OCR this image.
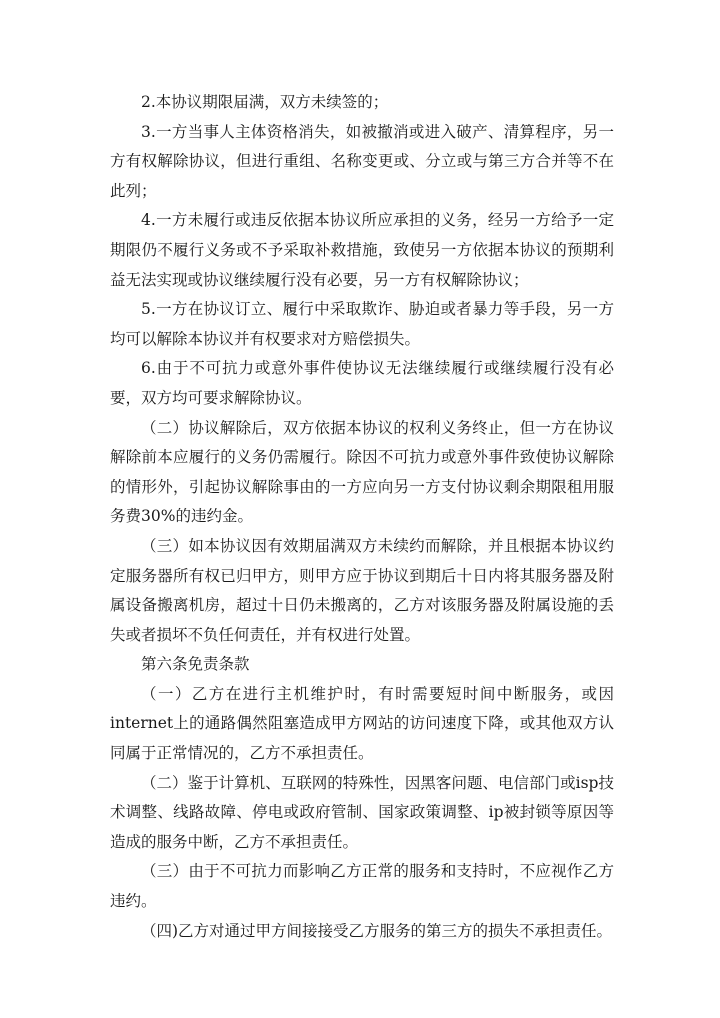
2.本协议期限届满，双方未续签的；

3.一方当事人主体资格消失，如被撤消或进入破产、清算程序，另一方有权解除协议，但进行重组、名称变更或、分立或与第三方合并等不在此列；

4.一方未履行或违反依据本协议所应承担的义务，经另一方给予一定期限仍不履行义务或不予采取补救措施，致使另一方依据本协议的预期利益无法实现或协议继续履行没有必要，另一方有权解除协议；

5.一方在协议订立、履行中采取欺诈、胁迫或者暴力等手段，另一方均可以解除本协议并有权要求对方赔偿损失。

6.由于不可抗力或意外事件使协议无法继续履行或继续履行没有必要，双方均可要求解除协议。

（二）协议解除后，双方依据本协议的权利义务终止，但一方在协议解除前本应履行的义务仍需履行。除因不可抗力或意外事件致使协议解除的情形外，引起协议解除事由的一方应向另一方支付协议剩余期限租用服务费30%的违约金。

（三）如本协议因有效期届满双方未续约而解除，并且根据本协议约定服务器所有权已归甲方，则甲方应于协议到期后十日内将其服务器及附属设备搬离机房，超过十日仍未搬离的，乙方对该服务器及附属设施的丢失或者损坏不负任何责任，并有权进行处置。

第六条免责条款

（一）乙方在进行主机维护时，有时需要短时间中断服务，或因internet上的通路偶然阻塞造成甲方网站的访问速度下降，或其他双方认同属于正常情况的，乙方不承担责任。

（二）鉴于计算机、互联网的特殊性，因黑客问题、电信部门或isp技术调整、线路故障、停电或政府管制、国家政策调整、ip被封锁等原因等造成的服务中断，乙方不承担责任。

（三）由于不可抗力而影响乙方正常的服务和支持时，不应视作乙方违约。

（四)乙方对通过甲方间接接受乙方服务的第三方的损失不承担责任。
